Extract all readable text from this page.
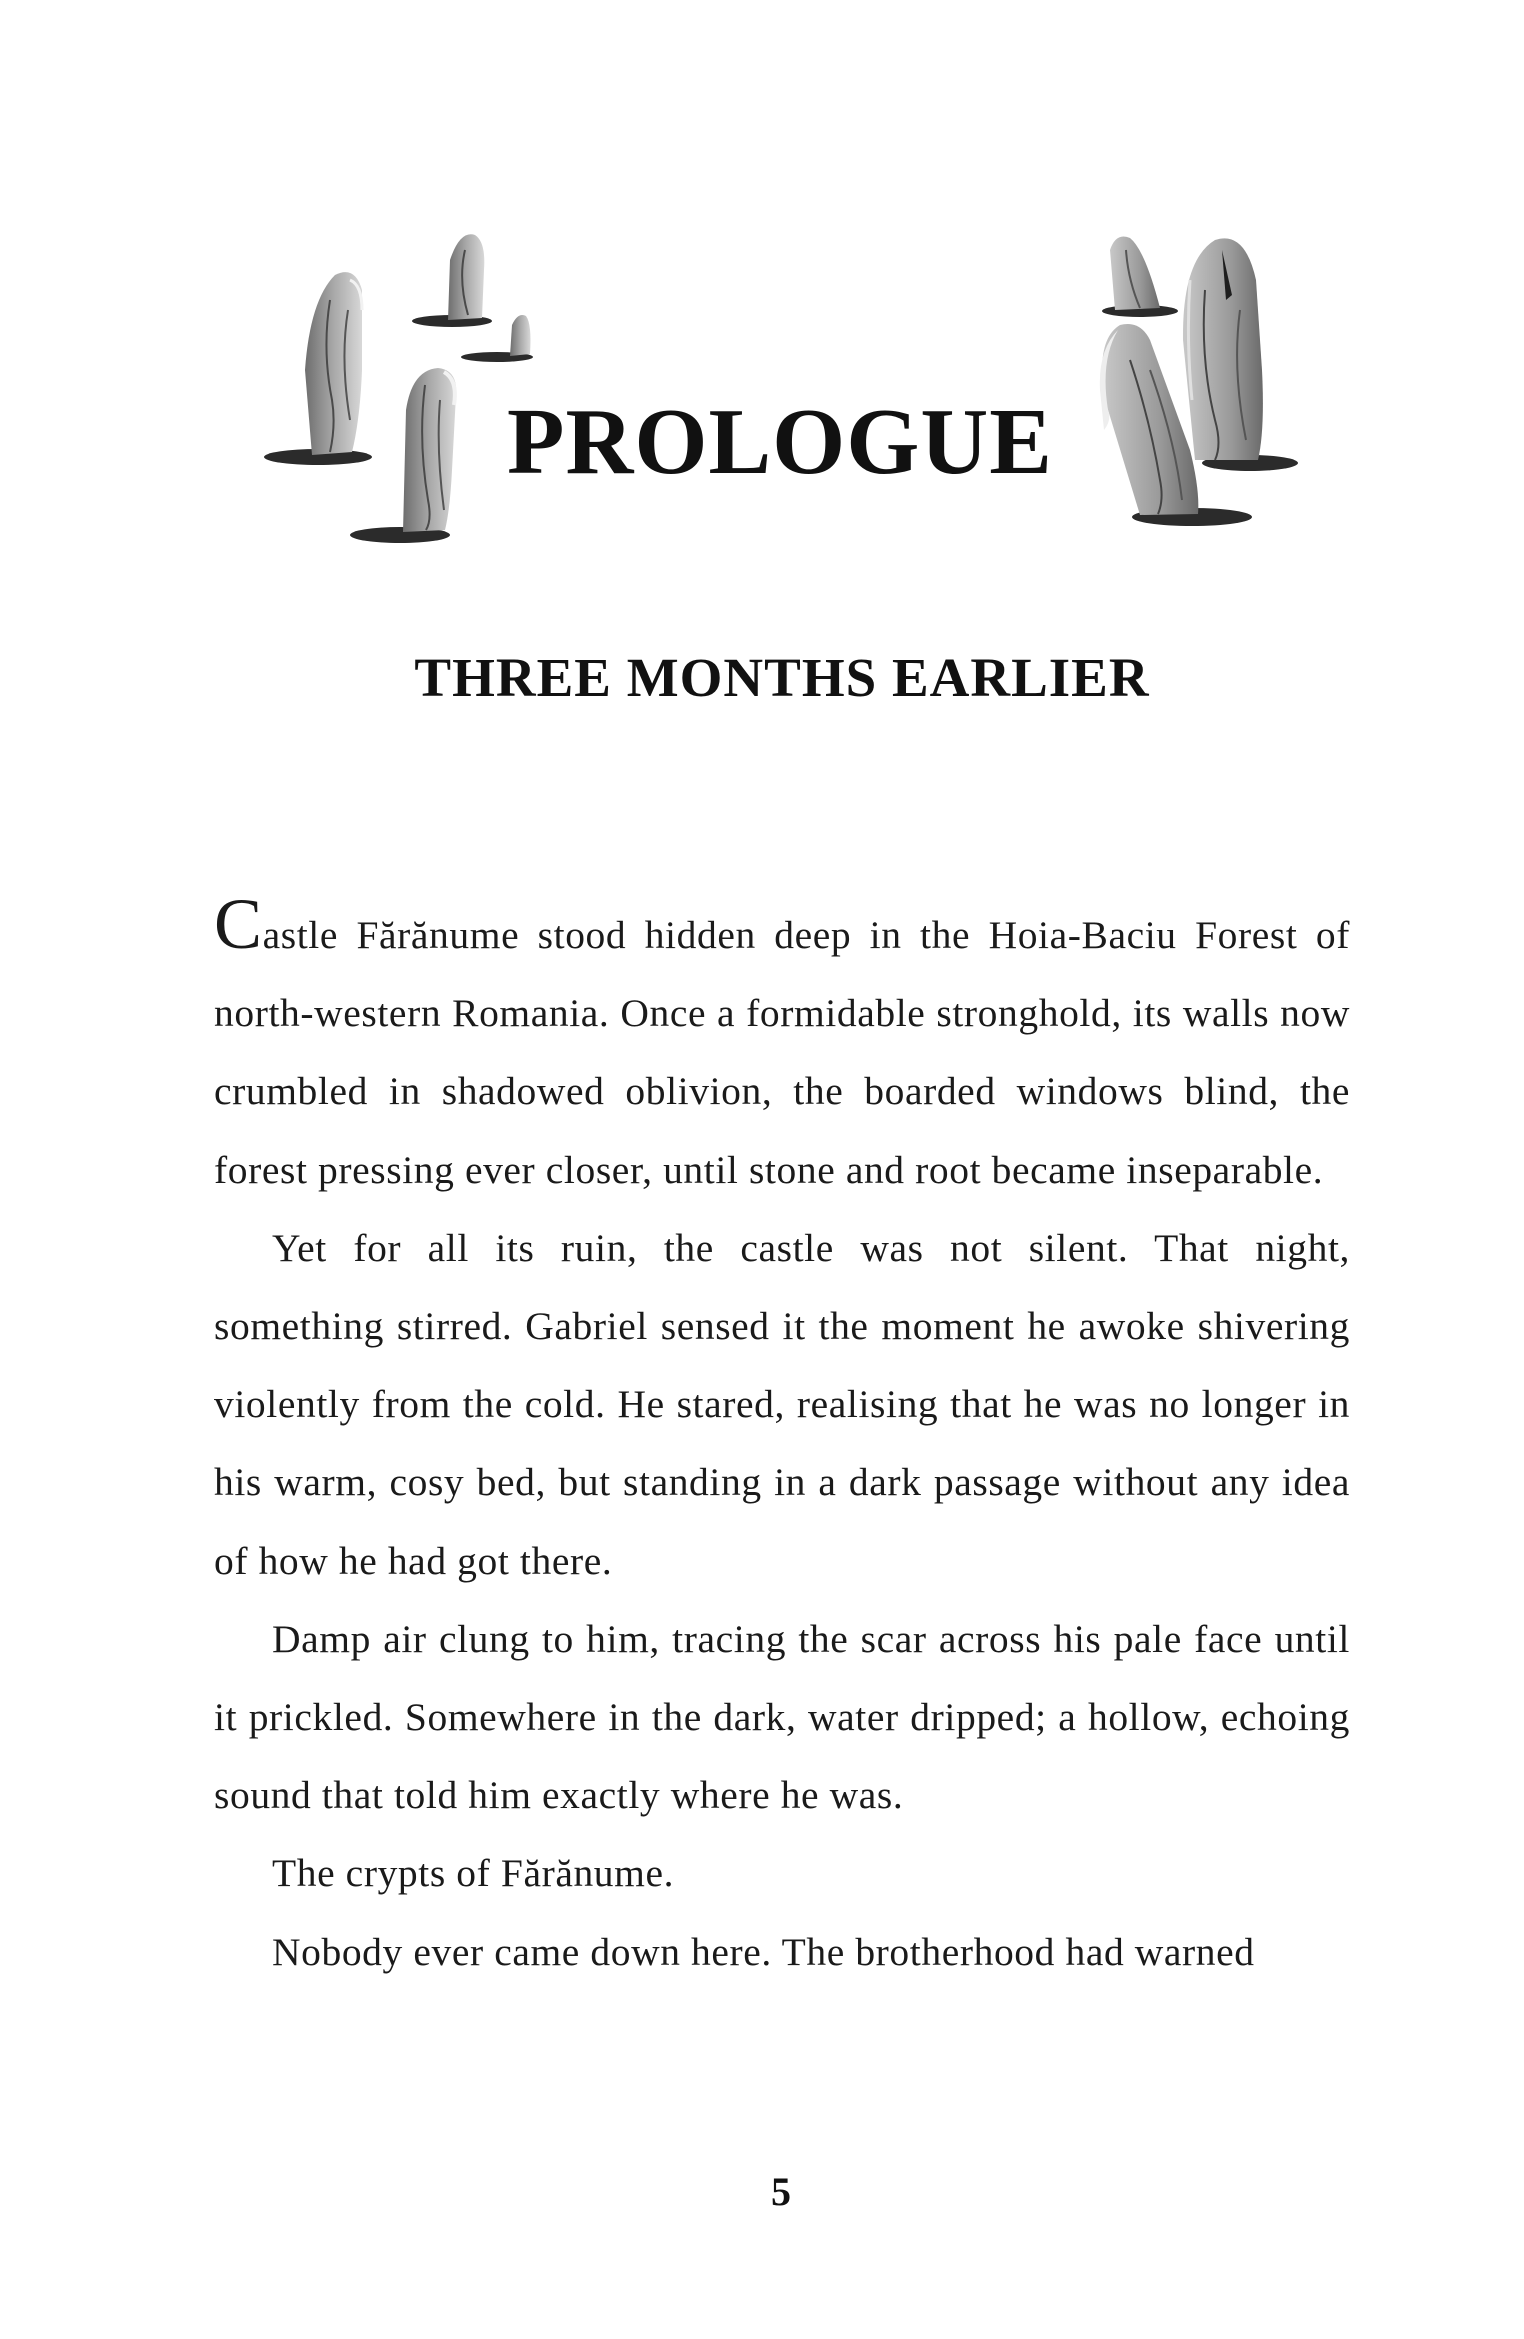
PROLOGUE
THREE MONTHS EARLIER

Castle Fărănume stood hidden deep in the Hoia-Baciu Forest of north-western Romania. Once a formidable stronghold, its walls now crumbled in shadowed oblivion, the boarded windows blind, the forest pressing ever closer, until stone and root became inseparable.

Yet for all its ruin, the castle was not silent. That night, something stirred. Gabriel sensed it the moment he awoke shivering violently from the cold. He stared, realising that he was no longer in his warm, cosy bed, but standing in a dark passage without any idea of how he had got there.

Damp air clung to him, tracing the scar across his pale face until it prickled. Somewhere in the dark, water dripped; a hollow, echoing sound that told him exactly where he was.

The crypts of Fărănume.

Nobody ever came down here. The brotherhood had warned

5
